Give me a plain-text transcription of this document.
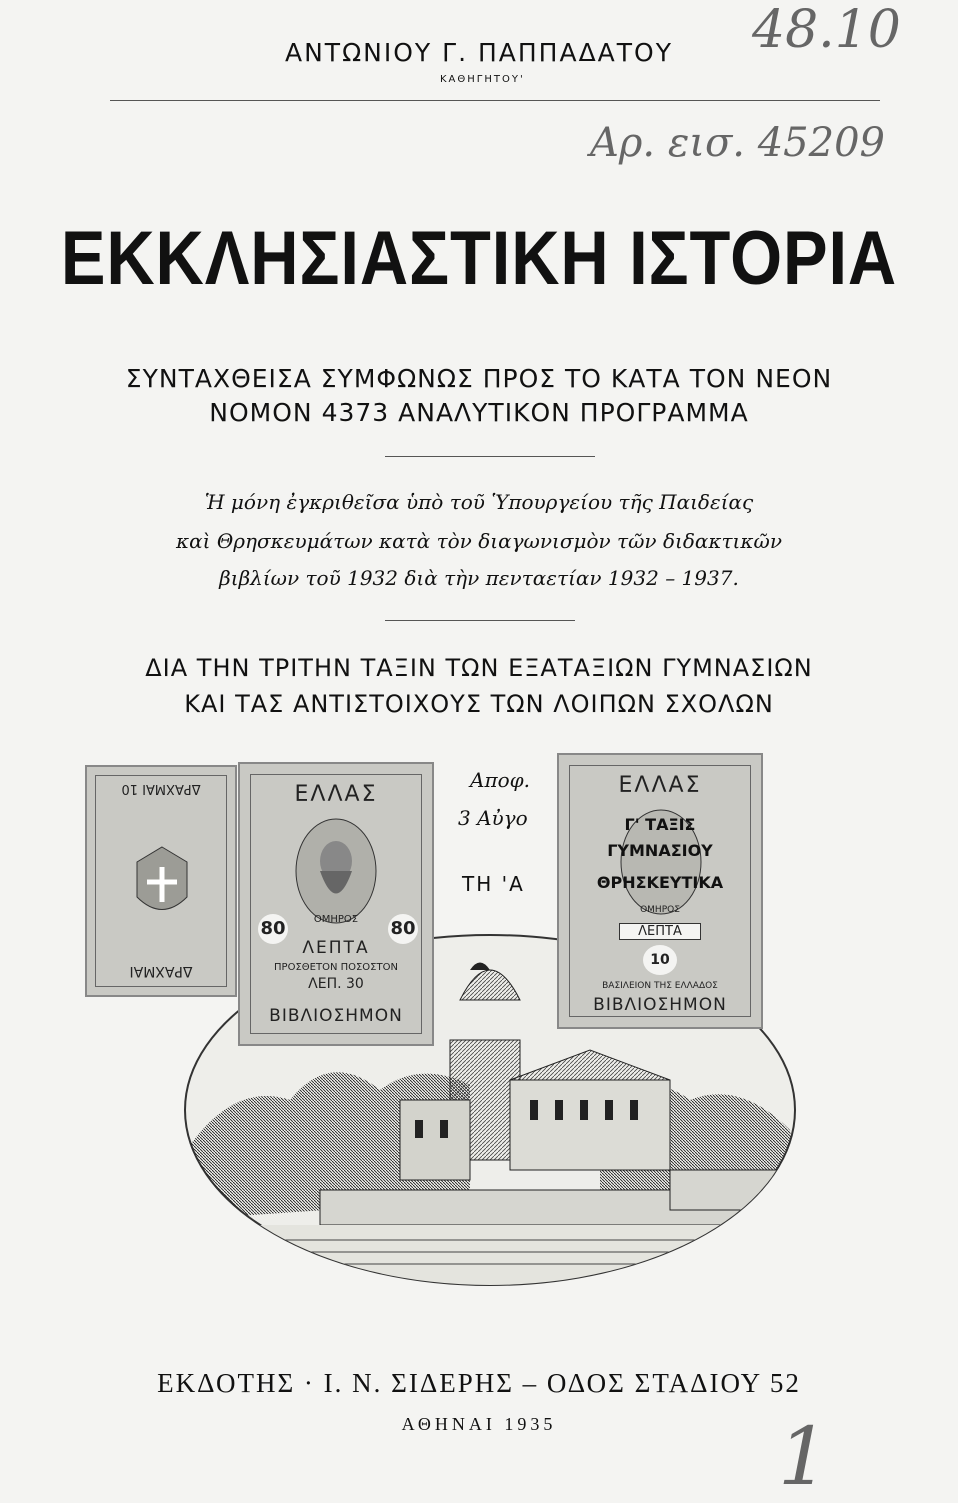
ΑΝΤΩΝΙΟΥ Γ. ΠΑΠΠΑΔΑΤΟΥ
ΚΑΘΗΓΗΤΟΥ'
48.10
Αρ. εισ. 45209
ΕΚΚΛΗΣΙΑΣΤΙΚΗ ΙΣΤΟΡΙΑ
ΣΥΝΤΑΧΘΕΙΣΑ ΣΥΜΦΩΝΩΣ ΠΡΟΣ ΤΟ ΚΑΤΑ ΤΟΝ ΝΕΟΝ
ΝΟΜΟΝ 4373 ΑΝΑΛΥΤΙΚΟΝ ΠΡΟΓΡΑΜΜΑ
Ἡ μόνη ἐγκριθεῖσα ὑπὸ τοῦ Ὑπουργείου τῆς Παιδείας
καὶ Θρησκευμάτων κατὰ τὸν διαγωνισμὸν τῶν διδακτικῶν
βιβλίων τοῦ 1932 διὰ τὴν πενταετίαν 1932 – 1937.
ΔΙΑ ΤΗΝ ΤΡΙΤΗΝ ΤΑΞΙΝ ΤΩΝ ΕΞΑΤΑΞΙΩΝ ΓΥΜΝΑΣΙΩΝ
ΚΑΙ ΤΑΣ ΑΝΤΙΣΤΟΙΧΟΥΣ ΤΩΝ ΛΟΙΠΩΝ ΣΧΟΛΩΝ
ΔΡΑΧΜΑΙ 10
ΔΡΑΧΜΑΙ
ΕΛΛΑΣ
ΟΜΗΡΟΣ
80	80
ΛΕΠΤΑ
ΠΡΟΣΘΕΤΟΝ ΠΟΣΟΣΤΟΝ
ΛΕΠ. 30
ΒΙΒΛΙΟΣΗΜΟΝ
Αποφ.
3 Αὐγο
ΤΗ 'Α
ΕΛΛΑΣ
Γ' ΤΑΞΙΣ
ΓΥΜΝΑΣΙΟΥ
ΘΡΗΣΚΕΥΤΙΚΑ
ΟΜΗΡΟΣ
ΛΕΠΤΑ
10
ΒΑΣΙΛΕΙΟΝ ΤΗΣ ΕΛΛΑΔΟΣ
ΒΙΒΛΙΟΣΗΜΟΝ
ΕΚΔΟΤΗΣ · Ι. Ν. ΣΙΔΕΡΗΣ – ΟΔΟΣ ΣΤΑΔΙΟΥ 52
ΑΘΗΝΑΙ 1935	1
